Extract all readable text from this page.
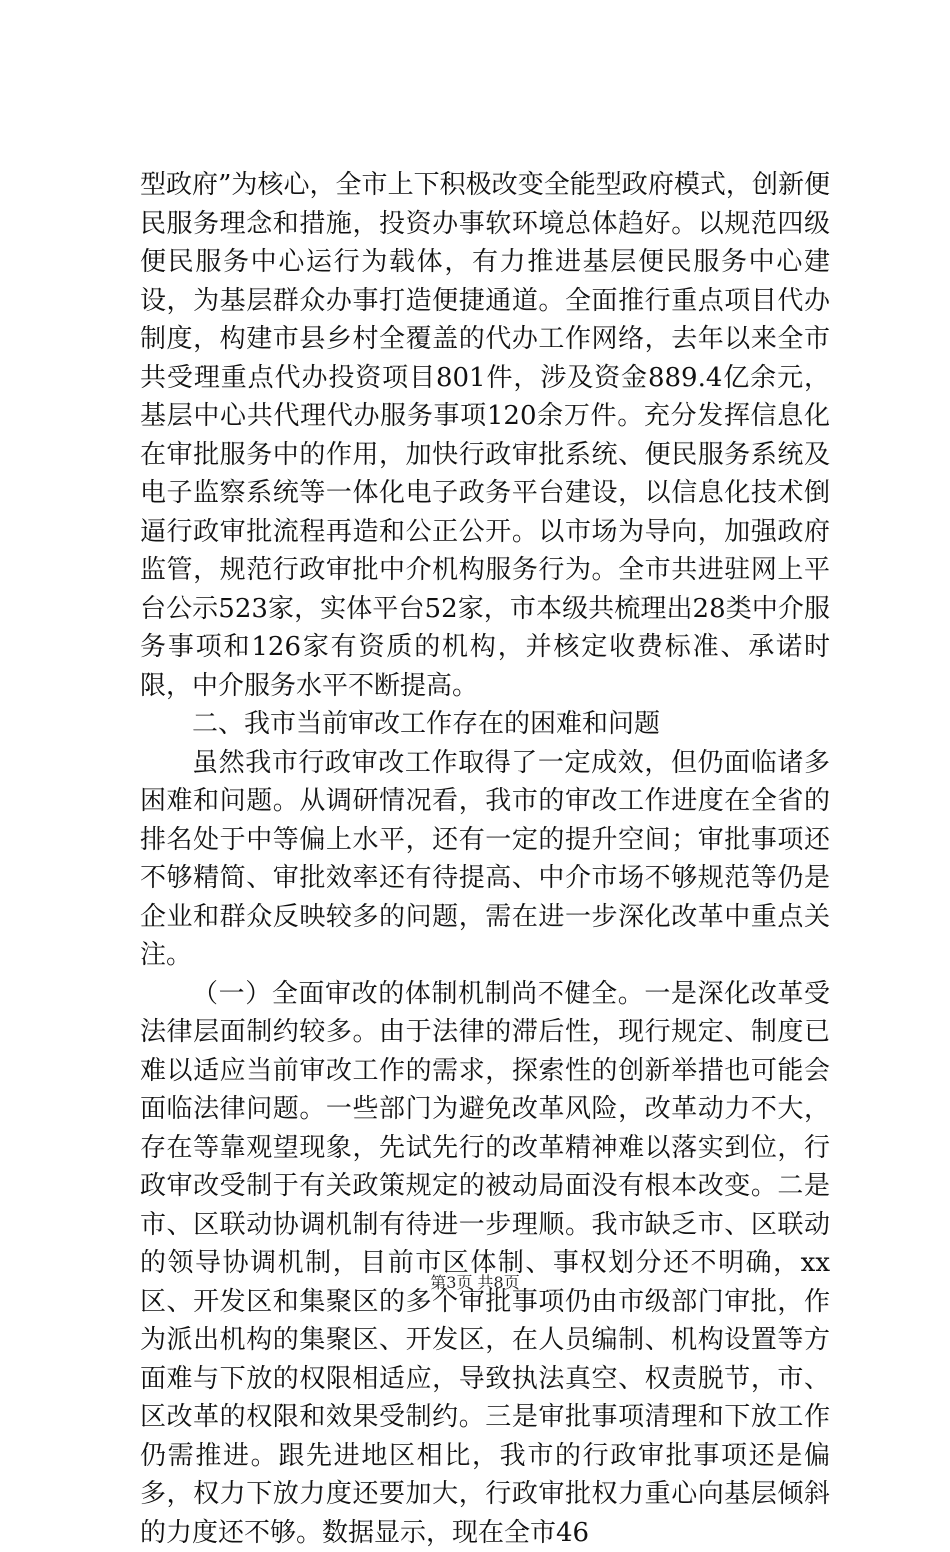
型政府”为核心，全市上下积极改变全能型政府模式，创新便民服务理念和措施，投资办事软环境总体趋好。以规范四级便民服务中心运行为载体，有力推进基层便民服务中心建设，为基层群众办事打造便捷通道。全面推行重点项目代办制度，构建市县乡村全覆盖的代办工作网络，去年以来全市共受理重点代办投资项目801件，涉及资金889.4亿余元，基层中心共代理代办服务事项120余万件。充分发挥信息化在审批服务中的作用，加快行政审批系统、便民服务系统及电子监察系统等一体化电子政务平台建设，以信息化技术倒逼行政审批流程再造和公正公开。以市场为导向，加强政府监管，规范行政审批中介机构服务行为。全市共进驻网上平台公示523家，实体平台52家，市本级共梳理出28类中介服务事项和126家有资质的机构，并核定收费标准、承诺时限，中介服务水平不断提高。

二、我市当前审改工作存在的困难和问题

虽然我市行政审改工作取得了一定成效，但仍面临诸多困难和问题。从调研情况看，我市的审改工作进度在全省的排名处于中等偏上水平，还有一定的提升空间；审批事项还不够精简、审批效率还有待提高、中介市场不够规范等仍是企业和群众反映较多的问题，需在进一步深化改革中重点关注。

（一）全面审改的体制机制尚不健全。一是深化改革受法律层面制约较多。由于法律的滞后性，现行规定、制度已难以适应当前审改工作的需求，探索性的创新举措也可能会面临法律问题。一些部门为避免改革风险，改革动力不大，存在等靠观望现象，先试先行的改革精神难以落实到位，行政审改受制于有关政策规定的被动局面没有根本改变。二是市、区联动协调机制有待进一步理顺。我市缺乏市、区联动的领导协调机制，目前市区体制、事权划分还不明确，xx区、开发区和集聚区的多个审批事项仍由市级部门审批，作为派出机构的集聚区、开发区，在人员编制、机构设置等方面难与下放的权限相适应，导致执法真空、权责脱节，市、区改革的权限和效果受制约。三是审批事项清理和下放工作仍需推进。跟先进地区相比，我市的行政审批事项还是偏多，权力下放力度还要加大，行政审批权力重心向基层倾斜的力度还不够。数据显示，现在全市46

第3页 共8页
